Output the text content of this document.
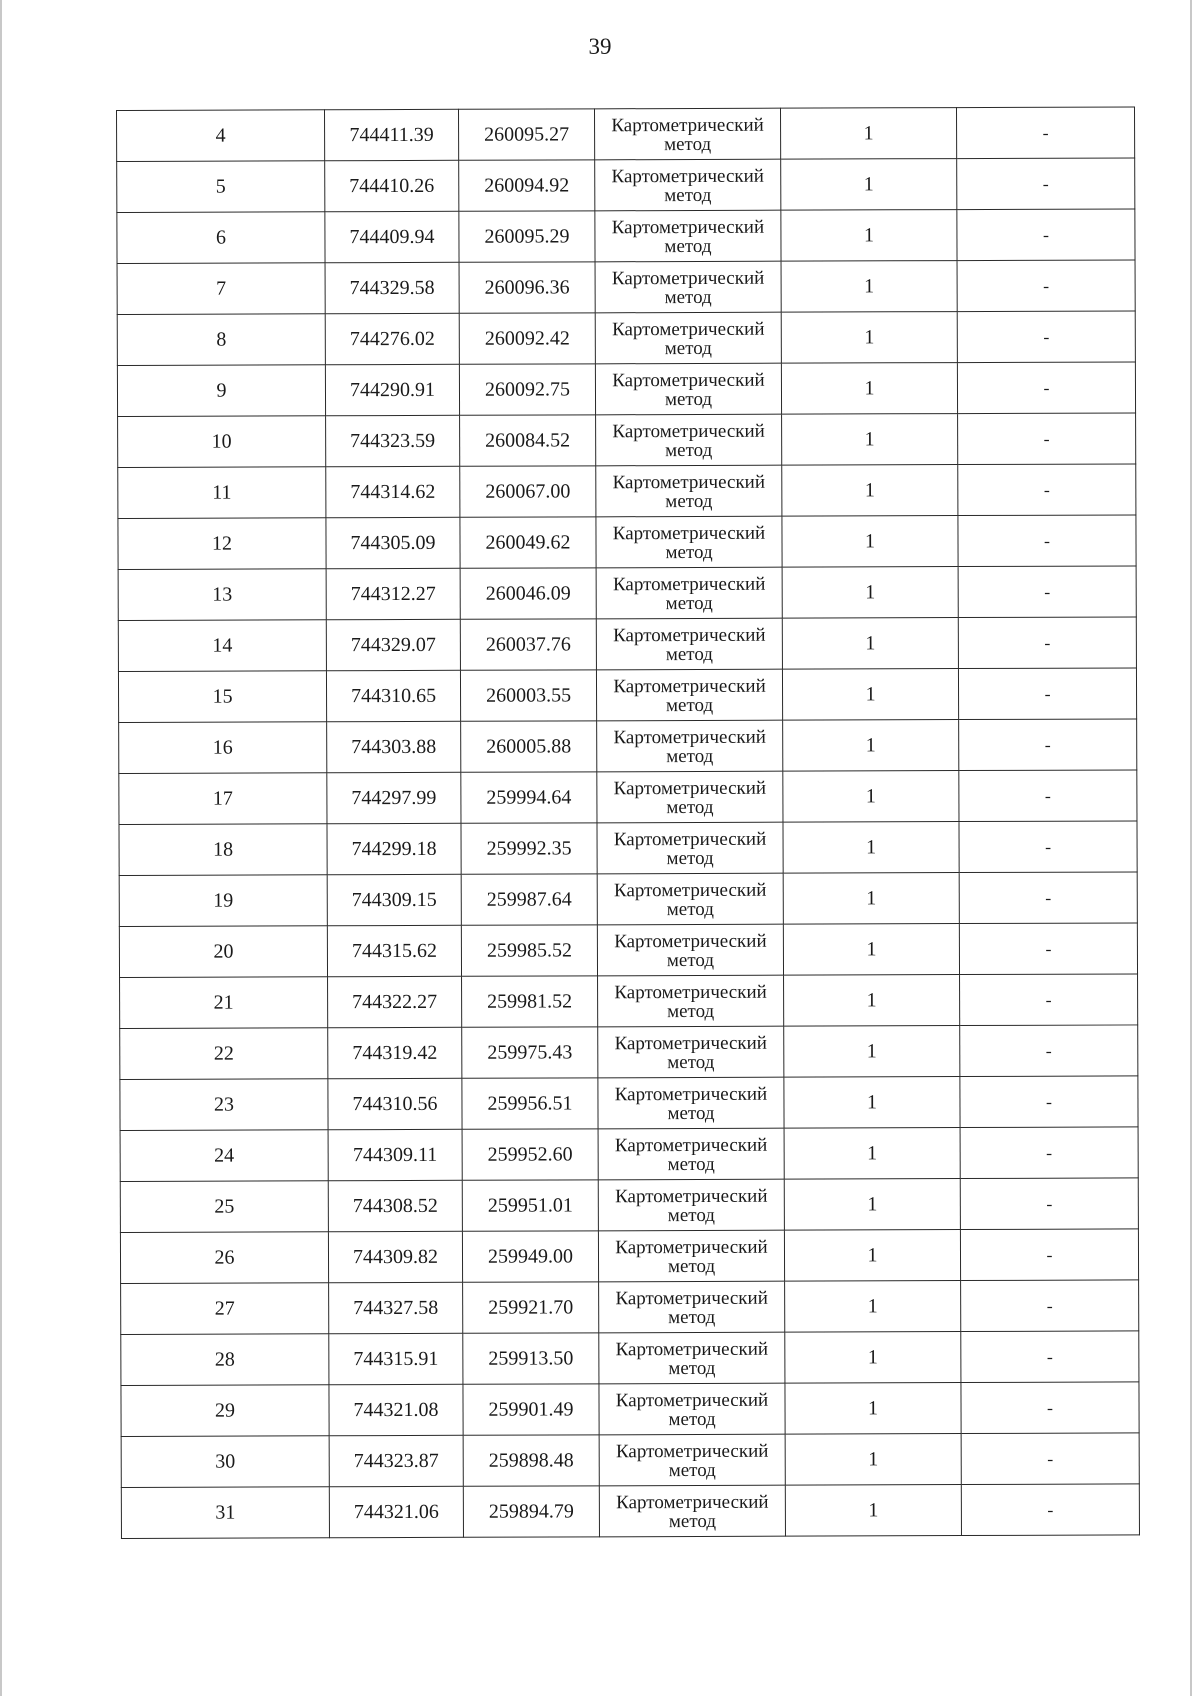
39
4	744411.39	260095.27	Картометрический
метод	1	-
5	744410.26	260094.92	Картометрический
метод	1	-
6	744409.94	260095.29	Картометрический
метод	1	-
7	744329.58	260096.36	Картометрический
метод	1	-
8	744276.02	260092.42	Картометрический
метод	1	-
9	744290.91	260092.75	Картометрический
метод	1	-
10	744323.59	260084.52	Картометрический
метод	1	-
11	744314.62	260067.00	Картометрический
метод	1	-
12	744305.09	260049.62	Картометрический
метод	1	-
13	744312.27	260046.09	Картометрический
метод	1	-
14	744329.07	260037.76	Картометрический
метод	1	-
15	744310.65	260003.55	Картометрический
метод	1	-
16	744303.88	260005.88	Картометрический
метод	1	-
17	744297.99	259994.64	Картометрический
метод	1	-
18	744299.18	259992.35	Картометрический
метод	1	-
19	744309.15	259987.64	Картометрический
метод	1	-
20	744315.62	259985.52	Картометрический
метод	1	-
21	744322.27	259981.52	Картометрический
метод	1	-
22	744319.42	259975.43	Картометрический
метод	1	-
23	744310.56	259956.51	Картометрический
метод	1	-
24	744309.11	259952.60	Картометрический
метод	1	-
25	744308.52	259951.01	Картометрический
метод	1	-
26	744309.82	259949.00	Картометрический
метод	1	-
27	744327.58	259921.70	Картометрический
метод	1	-
28	744315.91	259913.50	Картометрический
метод	1	-
29	744321.08	259901.49	Картометрический
метод	1	-
30	744323.87	259898.48	Картометрический
метод	1	-
31	744321.06	259894.79	Картометрический
метод	1	-
